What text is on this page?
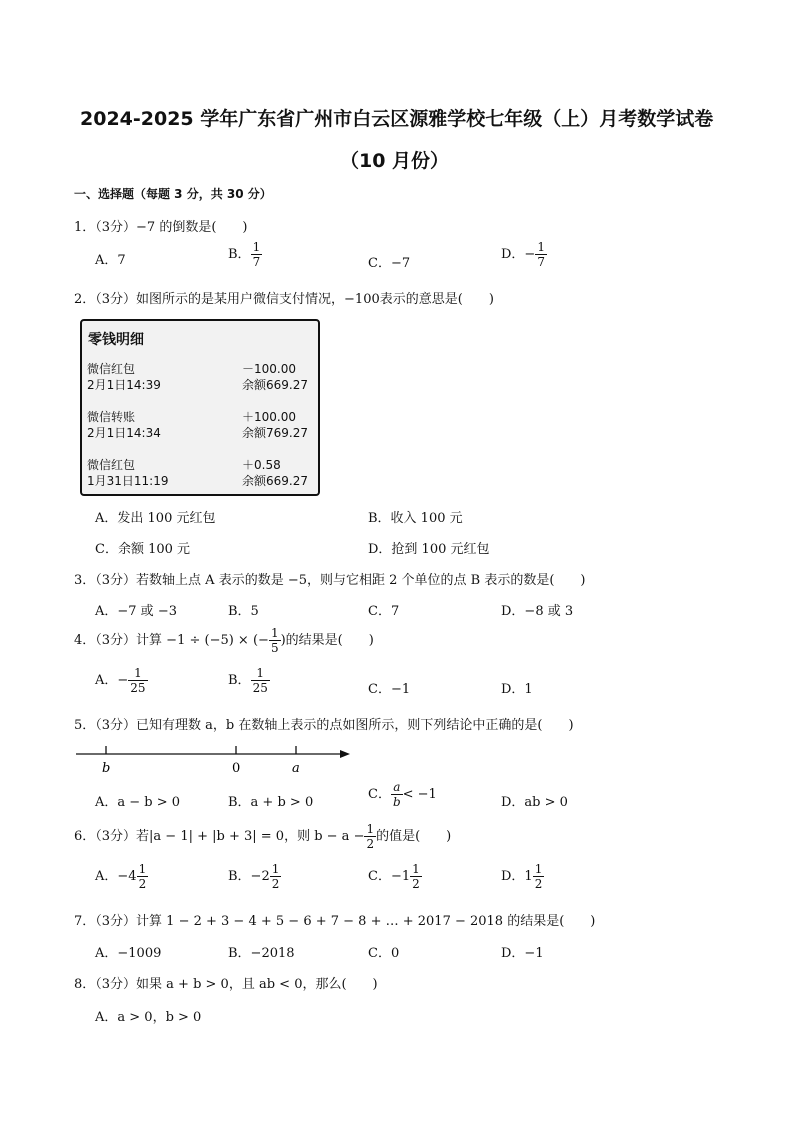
2024-2025 学年广东省广州市白云区源雅学校七年级（上）月考数学试卷
（10 月份）
一、选择题（每题 3 分，共 30 分）
1．（3分）−7 的倒数是(　　)
A．7	B． $\frac{1}{7}$	C．−7
D．− $\frac{1}{7}$
2．（3分）如图所示的是某用户微信支付情况，−100表示的意思是(　　)
零钱明细
微信红包
2月1日14:39
－100.00
余额669.27
微信转账
2月1日14:34
＋100.00
余额769.27
微信红包
1月31日11:19
＋0.58
余额669.27
A．发出 100 元红包	B．收入 100 元
C．余额 100 元	D．抢到 100 元红包
3．（3分）若数轴上点 A 表示的数是 −5，则与它相距 2 个单位的点 B 表示的数是(　　)
A．−7 或 −3	B．5	C．7	D．−8 或 3
4．（3分）计算 −1 ÷ (−5) × (− $\frac{1}{5}$ )的结果是(　　)
A．− $\frac{1}{25}$	B． $\frac{1}{25}$	C．−1	D．1
5．（3分）已知有理数 a，b 在数轴上表示的点如图所示，则下列结论中正确的是(　　)
b	0	a
A．a − b > 0	B．a + b > 0
C． $\frac{a}{b} < -1$
D．ab > 0
6．（3分）若|a − 1| + |b + 3| = 0，则 $b - a - \frac{1}{2}$ 的值是(　　)
A．$-4 \frac{1}{2}$	B．$-2 \frac{1}{2}$	C．$-1 \frac{1}{2}$	D．$1 \frac{1}{2}$
7．（3分）计算 1 − 2 + 3 − 4 + 5 − 6 + 7 − 8 + … + 2017 − 2018 的结果是(　　)
A．−1009	B．−2018	C．0	D．−1
8．（3分）如果 a + b > 0，且 ab < 0，那么(　　)
A．a > 0，b > 0
